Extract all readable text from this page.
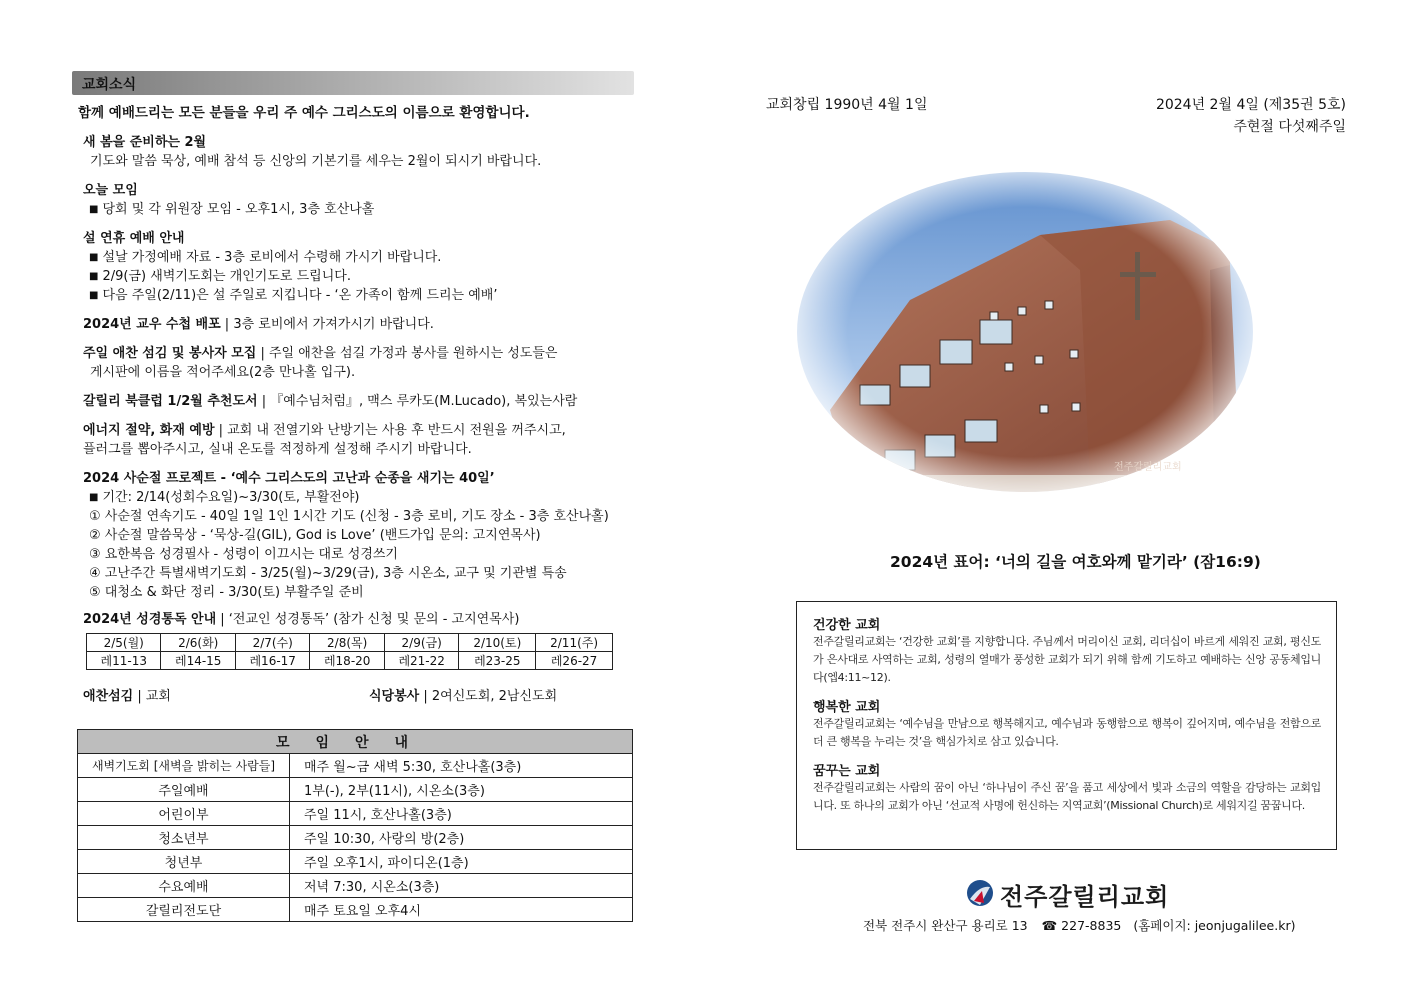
교회소식
함께 예배드리는 모든 분들을 우리 주 예수 그리스도의 이름으로 환영합니다.
새 봄을 준비하는 2월
기도와 말씀 묵상, 예배 참석 등 신앙의 기본기를 세우는 2월이 되시기 바랍니다.
오늘 모임
■ 당회 및 각 위원장 모임 - 오후1시, 3층 호산나홀
설 연휴 예배 안내
■ 설날 가정예배 자료 - 3층 로비에서 수령해 가시기 바랍니다.
■ 2/9(금) 새벽기도회는 개인기도로 드립니다.
■ 다음 주일(2/11)은 설 주일로 지킵니다 - ‘온 가족이 함께 드리는 예배’
2024년 교우 수첩 배포 | 3층 로비에서 가져가시기 바랍니다.
주일 애찬 섬김 및 봉사자 모집 | 주일 애찬을 섬길 가정과 봉사를 원하시는 성도들은
게시판에 이름을 적어주세요(2층 만나홀 입구).
갈릴리 북클럽 1/2월 추천도서 | 『예수님처럼』, 맥스 루카도(M.Lucado), 복있는사람
에너지 절약, 화재 예방 | 교회 내 전열기와 난방기는 사용 후 반드시 전원을 꺼주시고,
플러그를 뽑아주시고, 실내 온도를 적정하게 설정해 주시기 바랍니다.
2024 사순절 프로젝트 - ‘예수 그리스도의 고난과 순종을 새기는 40일’
■ 기간: 2/14(성회수요일)~3/30(토, 부활전야)
① 사순절 연속기도 - 40일 1일 1인 1시간 기도 (신청 - 3층 로비, 기도 장소 - 3층 호산나홀)
② 사순절 말씀묵상 - ‘묵상-길(GIL), God is Love’ (밴드가입 문의: 고지연목사)
③ 요한복음 성경필사 - 성령이 이끄시는 대로 성경쓰기
④ 고난주간 특별새벽기도회 - 3/25(월)~3/29(금), 3층 시온소, 교구 및 기관별 특송
⑤ 대청소 & 화단 정리 - 3/30(토) 부활주일 준비
2024년 성경통독 안내 | ‘전교인 성경통독’ (참가 신청 및 문의 - 고지연목사)
2/5(월)	2/6(화)	2/7(수)	2/8(목)	2/9(금)	2/10(토)	2/11(주)
레11-13	레14-15	레16-17	레18-20	레21-22	레23-25	레26-27
애찬섬김 | 교회	식당봉사 | 2여신도회, 2남신도회
모임안내	
새벽기도회 [새벽을 밝히는 사람들]	매주 월~금 새벽 5:30, 호산나홀(3층)
주일예배	1부(-), 2부(11시), 시온소(3층)
어린이부	주일 11시, 호산나홀(3층)
청소년부	주일 10:30, 사랑의 방(2층)
청년부	주일 오후1시, 파이디온(1층)
수요예배	저녁 7:30, 시온소(3층)
갈릴리전도단	매주 토요일 오후4시
교회창립 1990년 4월 1일	2024년 2월 4일 (제35권 5호)
주현절 다섯째주일
전주갈릴리교회
2024년 표어: ‘너의 길을 여호와께 맡기라’ (잠16:9)
건강한 교회
전주갈릴리교회는 ‘건강한 교회’를 지향합니다. 주님께서 머리이신 교회, 리더십이 바르게 세워진 교회, 평신도가 은사대로 사역하는 교회, 성령의 열매가 풍성한 교회가 되기 위해 함께 기도하고 예배하는 신앙 공동체입니다(엡4:11~12).
행복한 교회
전주갈릴리교회는 ‘예수님을 만남으로 행복해지고, 예수님과 동행함으로 행복이 깊어지며, 예수님을 전함으로 더 큰 행복을 누리는 것’을 핵심가치로 삼고 있습니다.
꿈꾸는 교회
전주갈릴리교회는 사람의 꿈이 아닌 ‘하나님이 주신 꿈’을 품고 세상에서 빛과 소금의 역할을 감당하는 교회입니다. 또 하나의 교회가 아닌 ‘선교적 사명에 헌신하는 지역교회’(Missional Church)로 세워지길 꿈꿉니다.
전주갈릴리교회
전북 전주시 완산구 용리로 13 ☎ 227-8835 (홈페이지: jeonjugalilee.kr)
